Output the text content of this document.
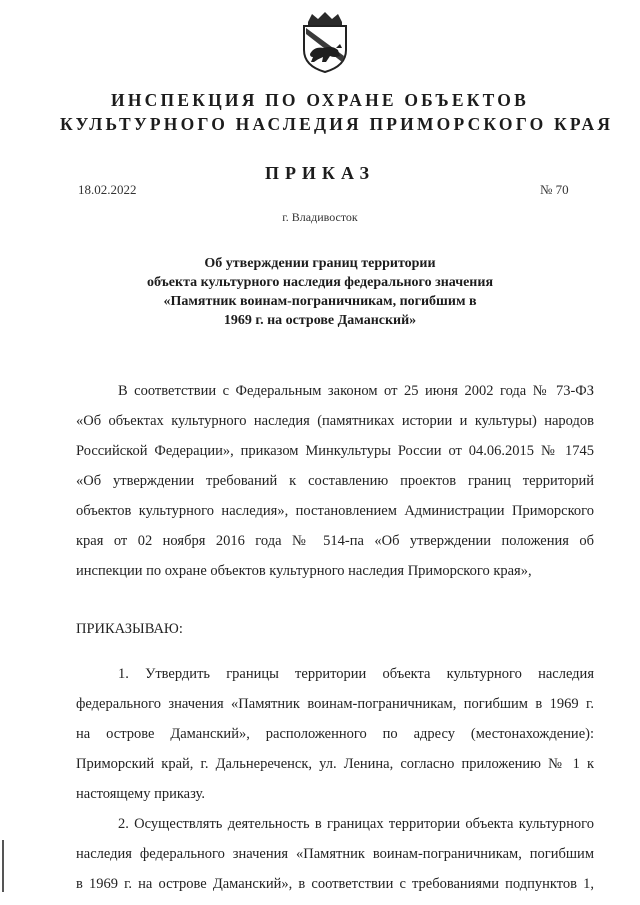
ИНСПЕКЦИЯ ПО ОХРАНЕ ОБЪЕКТОВ
КУЛЬТУРНОГО НАСЛЕДИЯ ПРИМОРСКОГО КРАЯ
ПРИКАЗ
18.02.2022	№ 70
г. Владивосток
Об утверждении границ территории
объекта культурного наследия федерального значения
«Памятник воинам-пограничникам, погибшим в
1969 г. на острове Даманский»
В соответствии с Федеральным законом от 25 июня 2002 года № 73-ФЗ
«Об объектах культурного наследия (памятниках истории и культуры) народов
Российской Федерации», приказом Минкультуры России от 04.06.2015 № 1745
«Об утверждении требований к составлению проектов границ территорий
объектов культурного наследия», постановлением Администрации Приморского
края от 02 ноября 2016 года № 514-па «Об утверждении положения об
инспекции по охране объектов культурного наследия Приморского края»,
ПРИКАЗЫВАЮ:
1. Утвердить границы территории объекта культурного наследия
федерального значения «Памятник воинам-пограничникам, погибшим в 1969 г.
на острове Даманский», расположенного по адресу (местонахождение):
Приморский край, г. Дальнереченск, ул. Ленина, согласно приложению № 1 к
настоящему приказу.
2. Осуществлять деятельность в границах территории объекта культурного
наследия федерального значения «Памятник воинам-пограничникам, погибшим
в 1969 г. на острове Даманский», в соответствии с требованиями подпунктов 1,
